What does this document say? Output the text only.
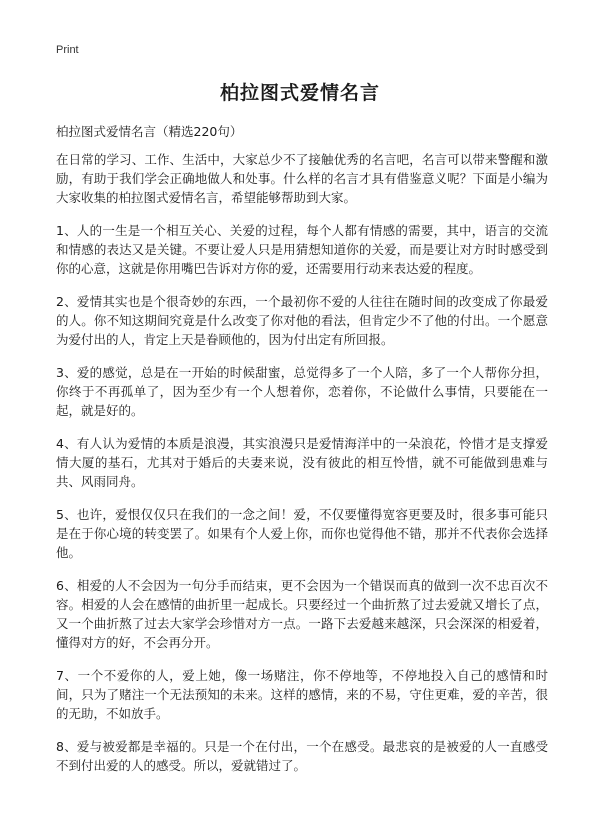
Print
柏拉图式爱情名言

柏拉图式爱情名言（精选220句）

在日常的学习、工作、生活中，大家总少不了接触优秀的名言吧，名言可以带来警醒和激励，有助于我们学会正确地做人和处事。什么样的名言才具有借鉴意义呢？下面是小编为大家收集的柏拉图式爱情名言，希望能够帮助到大家。

1、人的一生是一个相互关心、关爱的过程，每个人都有情感的需要，其中，语言的交流和情感的表达又是关键。不要让爱人只是用猜想知道你的关爱，而是要让对方时时感受到你的心意，这就是你用嘴巴告诉对方你的爱，还需要用行动来表达爱的程度。

2、爱情其实也是个很奇妙的东西，一个最初你不爱的人往往在随时间的改变成了你最爱的人。你不知这期间究竟是什么改变了你对他的看法，但肯定少不了他的付出。一个愿意为爱付出的人，肯定上天是眷顾他的，因为付出定有所回报。

3、爱的感觉，总是在一开始的时候甜蜜，总觉得多了一个人陪，多了一个人帮你分担，你终于不再孤单了，因为至少有一个人想着你，恋着你，不论做什么事情，只要能在一起，就是好的。

4、有人认为爱情的本质是浪漫，其实浪漫只是爱情海洋中的一朵浪花，怜惜才是支撑爱情大厦的基石，尤其对于婚后的夫妻来说，没有彼此的相互怜惜，就不可能做到患难与共、风雨同舟。

5、也许，爱恨仅仅只在我们的一念之间！爱，不仅要懂得宽容更要及时，很多事可能只是在于你心境的转变罢了。如果有个人爱上你，而你也觉得他不错，那并不代表你会选择他。

6、相爱的人不会因为一句分手而结束，更不会因为一个错误而真的做到一次不忠百次不容。相爱的人会在感情的曲折里一起成长。只要经过一个曲折熬了过去爱就又增长了点，又一个曲折熬了过去大家学会珍惜对方一点。一路下去爱越来越深，只会深深的相爱着，懂得对方的好，不会再分开。

7、一个不爱你的人，爱上她，像一场赌注，你不停地等，不停地投入自己的感情和时间，只为了赌注一个无法预知的未来。这样的感情，来的不易，守住更难，爱的辛苦，很的无助，不如放手。

8、爱与被爱都是幸福的。只是一个在付出，一个在感受。最悲哀的是被爱的人一直感受不到付出爱的人的感受。所以，爱就错过了。
